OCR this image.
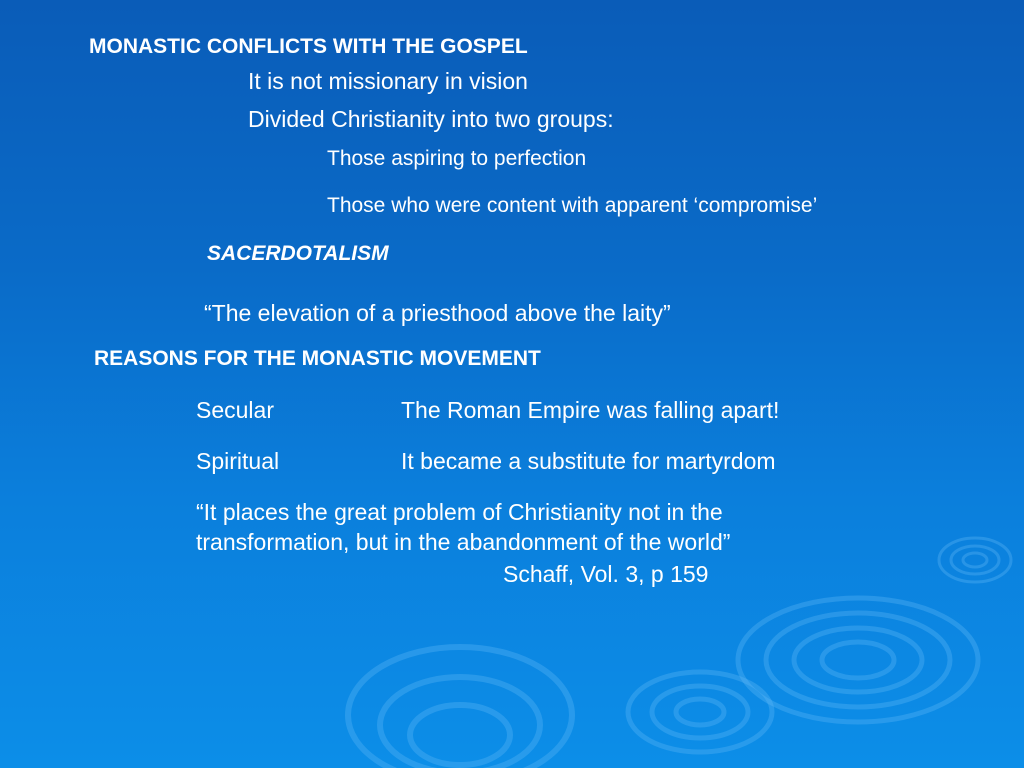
MONASTIC CONFLICTS WITH THE GOSPEL
It is not missionary in vision
Divided Christianity into two groups:
Those aspiring to perfection
Those who were content with apparent ‘compromise’
SACERDOTALISM
“The elevation of a priesthood above the laity”
REASONS FOR THE MONASTIC MOVEMENT
Secular	The Roman Empire was falling apart!
Spiritual	It became a substitute for martyrdom
“It places the great problem of Christianity not in the
transformation, but in the abandonment of the world”
Schaff, Vol. 3, p 159
